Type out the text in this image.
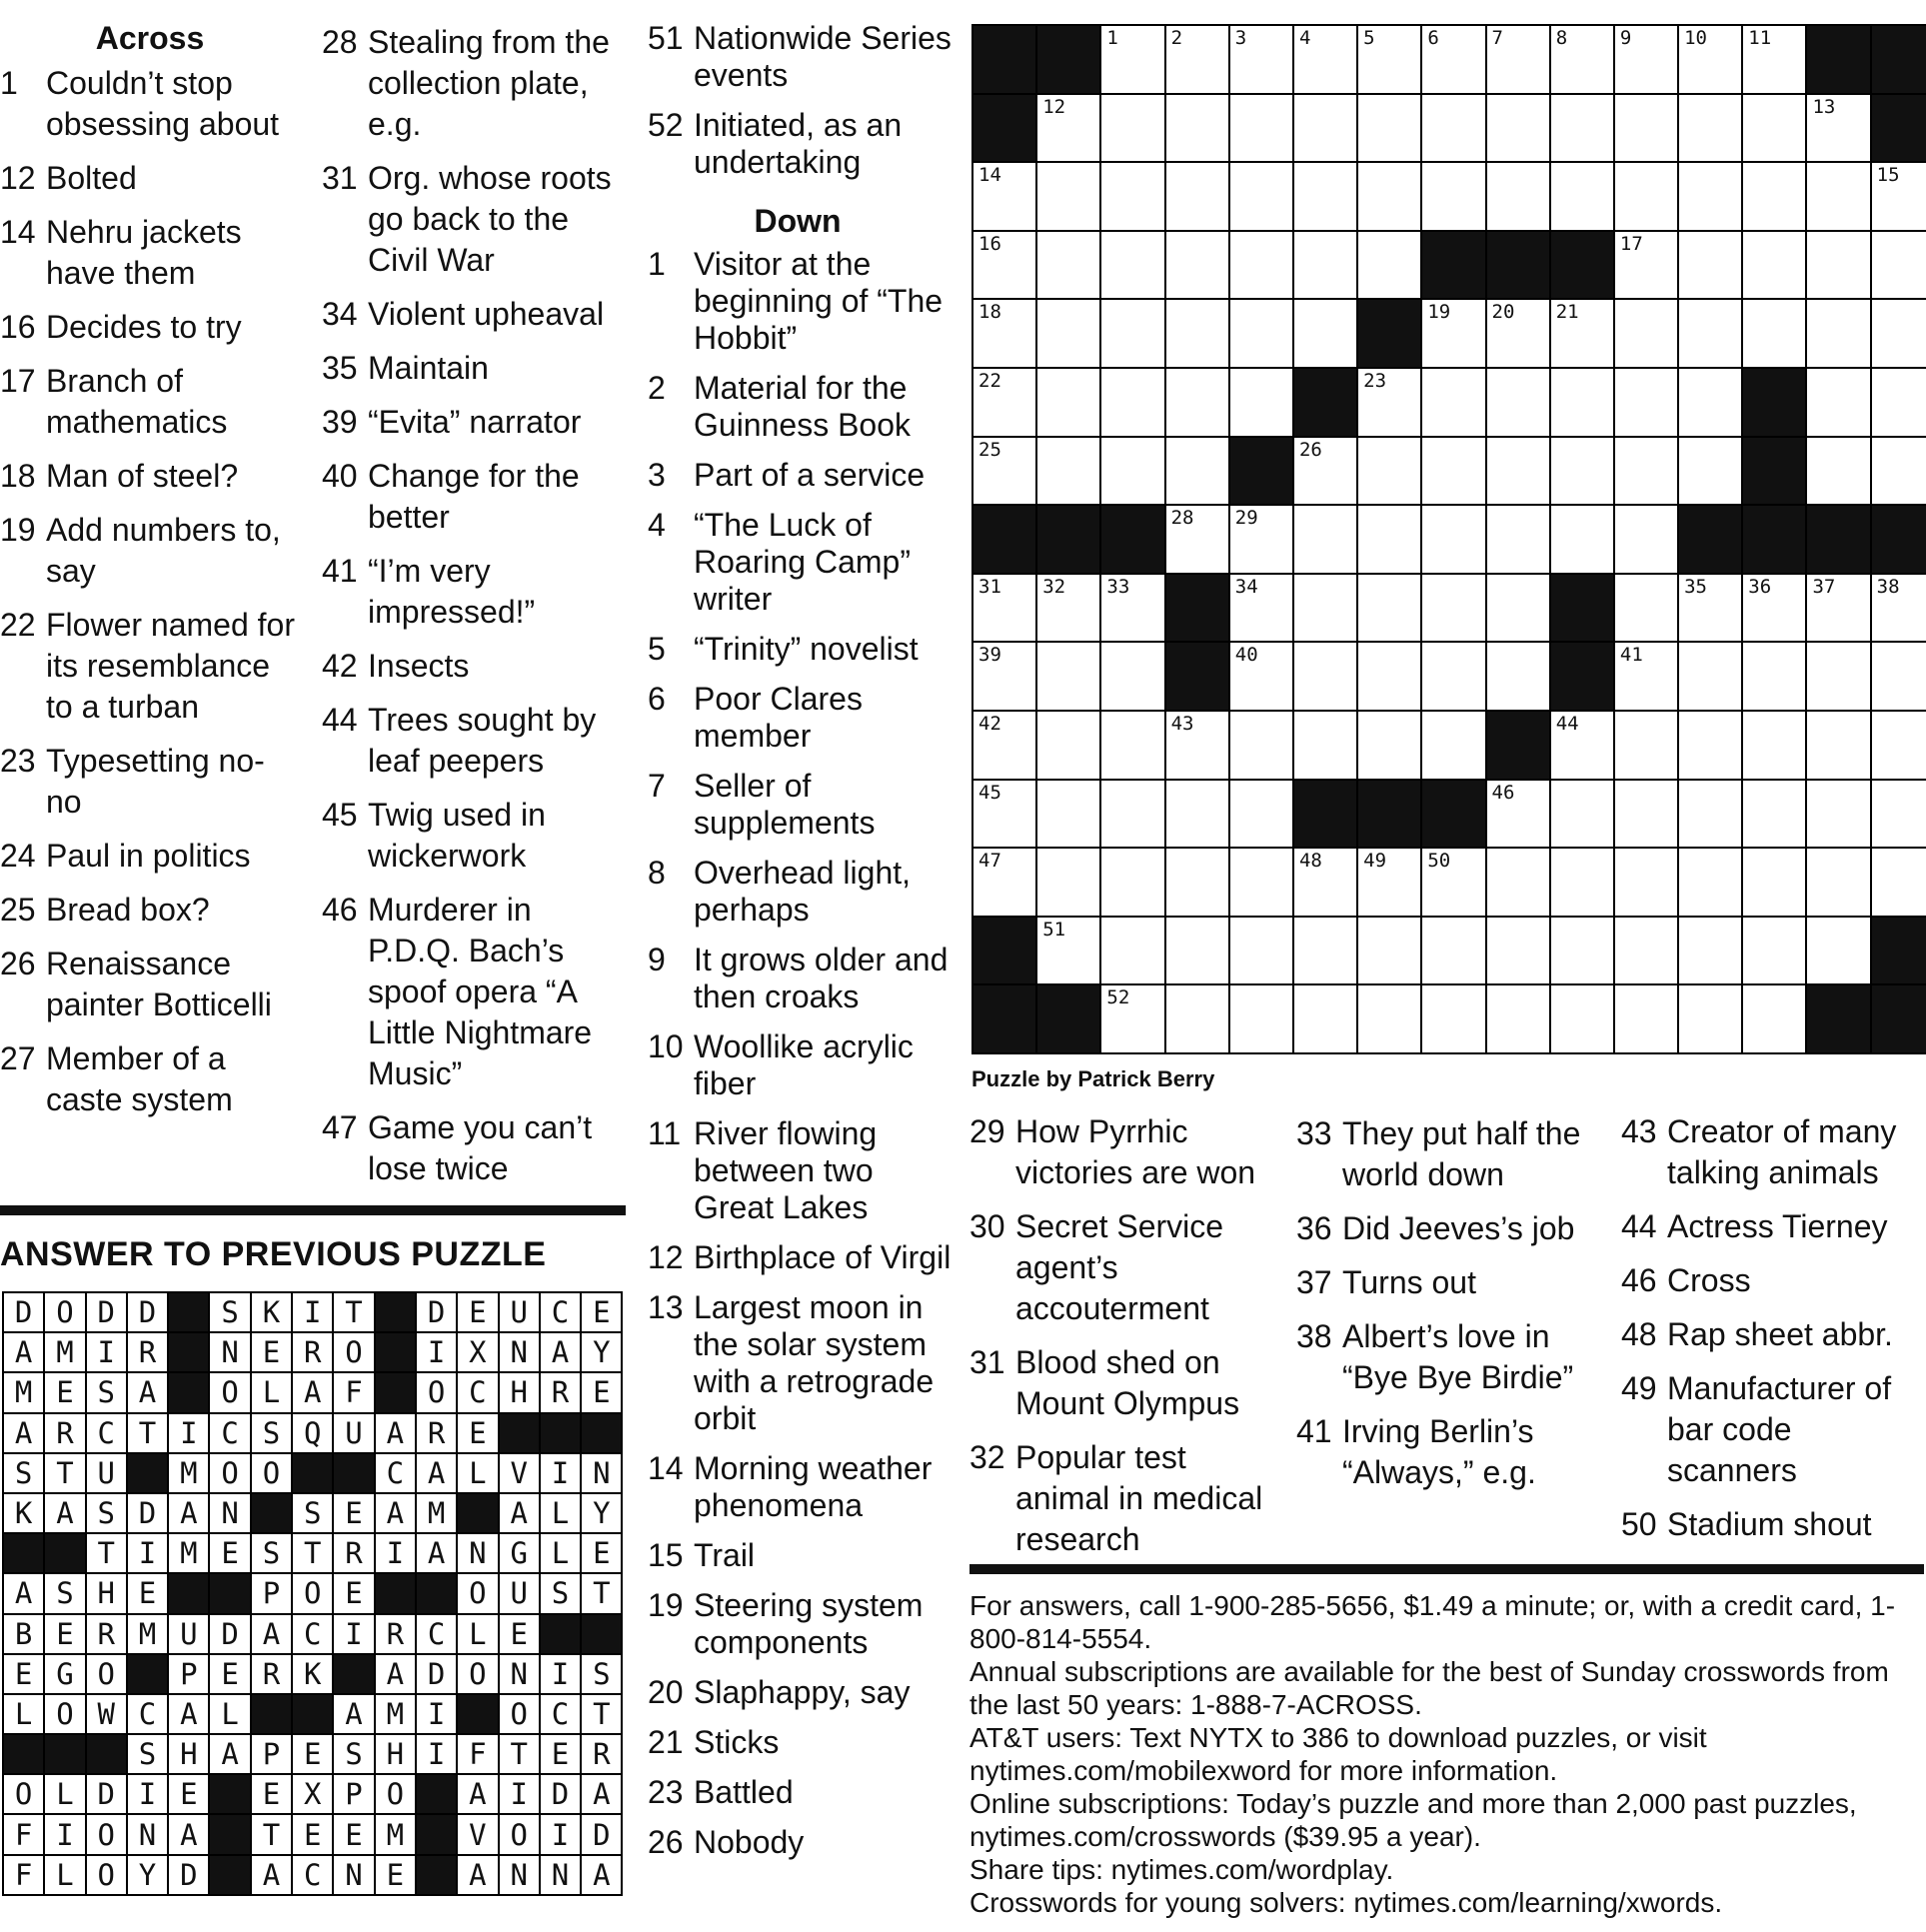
Across
1 Couldn’t stop obsessing about
12 Bolted
14 Nehru jackets have them
16 Decides to try
17 Branch of mathematics
18 Man of steel?
19 Add numbers to, say
22 Flower named for its resemblance to a turban
23 Typesetting no-no
24 Paul in politics
25 Bread box?
26 Renaissance painter Botticelli
27 Member of a caste system
28 Stealing from the collection plate, e.g.
31 Org. whose roots go back to the Civil War
34 Violent upheaval
35 Maintain
39 “Evita” narrator
40 Change for the better
41 “I’m very impressed!”
42 Insects
44 Trees sought by leaf peepers
45 Twig used in wickerwork
46 Murderer in P.D.Q. Bach’s spoof opera “A Little Nightmare Music”
47 Game you can’t lose twice
51 Nationwide Series events
52 Initiated, as an undertaking
Down
1 Visitor at the beginning of “The Hobbit”
2 Material for the Guinness Book
3 Part of a service
4 “The Luck of Roaring Camp” writer
5 “Trinity” novelist
6 Poor Clares member
7 Seller of supplements
8 Overhead light, perhaps
9 It grows older and then croaks
10 Woollike acrylic fiber
11 River flowing between two Great Lakes
12 Birthplace of Virgil
13 Largest moon in the solar system with a retrograde orbit
14 Morning weather phenomena
15 Trail
19 Steering system components
20 Slaphappy, say
21 Sticks
23 Battled
26 Nobody
1	2	3	4	5	6	7	8	9	10 11
12	13
14	15
16	17
18	19 20 21
22	23
25	26
28 29
31 32 33	34	35 36 37 38
39	40	41
42	43	44
45	46
47	48 49 50
51
52
Puzzle by Patrick Berry
29 How Pyrrhic victories are won
30 Secret Service agent’s accouterment
31 Blood shed on Mount Olympus
32 Popular test animal in medical research
33 They put half the world down
36 Did Jeeves’s job
37 Turns out
38 Albert’s love in “Bye Bye Birdie”
41 Irving Berlin’s “Always,” e.g.
43 Creator of many talking animals
44 Actress Tierney
46 Cross
48 Rap sheet abbr.
49 Manufacturer of bar code scanners
50 Stadium shout
ANSWER TO PREVIOUS PUZZLE
D O D D	S K I T	D E U C E
A M I R	N E R O	I X N A Y
M E S A	O L A F	O C H R E
A R C T I C S Q U A R E
S T U	M O O	C A L V I N
K A S D A N	S E A M	A L Y
T I M E S T R I A N G L E
A S H E	P O E	O U S T
B E R M U D A C I R C L E
E G O	P E R K	A D O N I S
L O W C A L	A M I	O C T
S H A P E S H I F T E R
O L D I E	E X P O	A I D A
F I O N A	T E E M	V O I D
F L O Y D	A C N E	A N N A

For answers, call 1-900-285-5656, $1.49 a minute; or, with a credit card, 1-800-814-5554.

Annual subscriptions are available for the best of Sunday crosswords from the last 50 years: 1-888-7-ACROSS.

AT&T users: Text NYTX to 386 to download puzzles, or visit nytimes.com/mobilexword for more information.

Online subscriptions: Today’s puzzle and more than 2,000 past puzzles, nytimes.com/crosswords ($39.95 a year).

Share tips: nytimes.com/wordplay.

Crosswords for young solvers: nytimes.com/learning/xwords.
